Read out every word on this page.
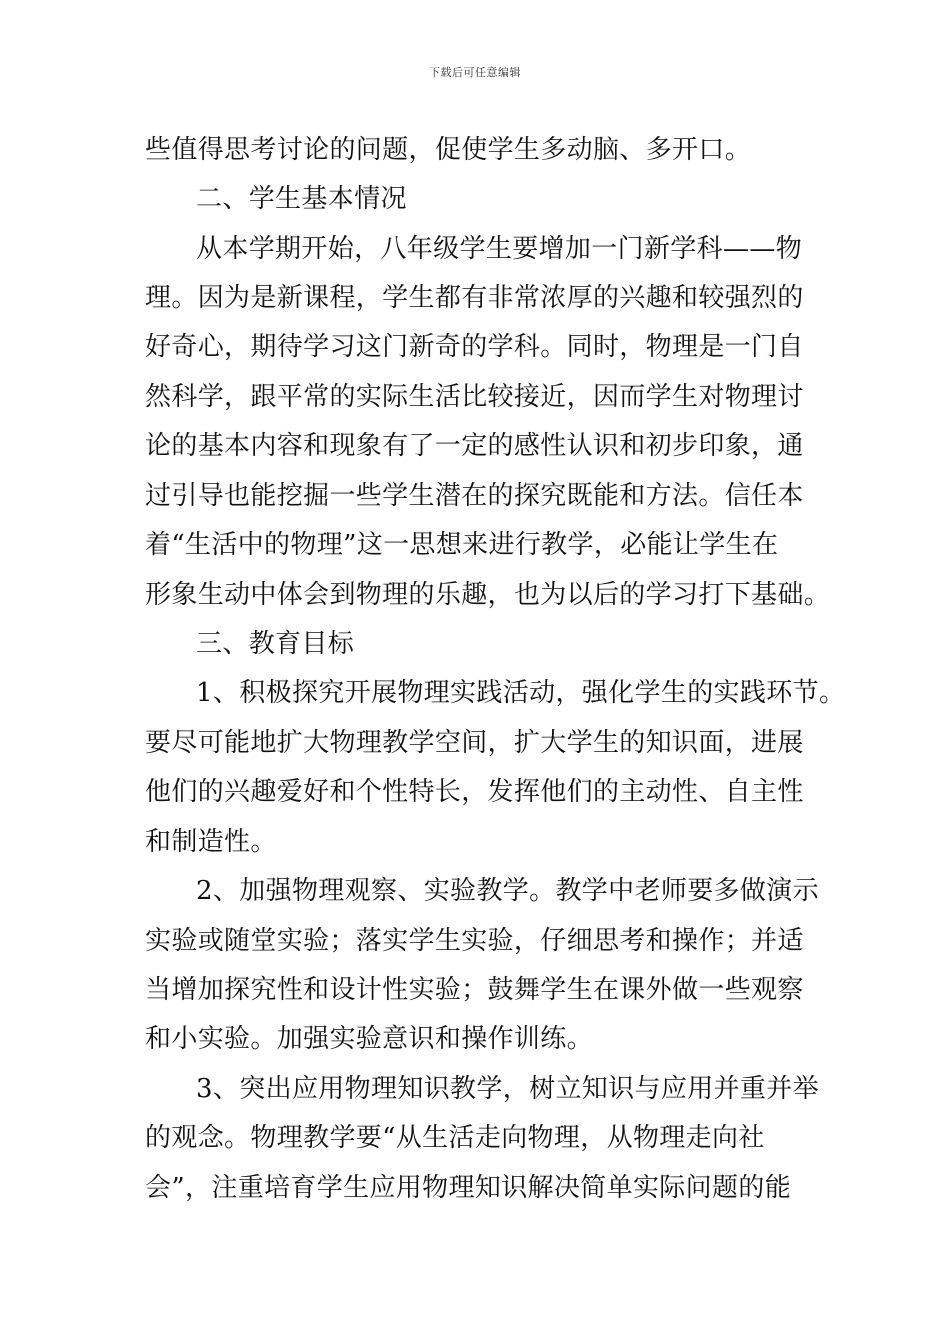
下载后可任意编辑
些值得思考讨论的问题，促使学生多动脑、多开口。
二、学生基本情况
从本学期开始，八年级学生要增加一门新学科——物
理。因为是新课程，学生都有非常浓厚的兴趣和较强烈的
好奇心，期待学习这门新奇的学科。同时，物理是一门自
然科学，跟平常的实际生活比较接近，因而学生对物理讨
论的基本内容和现象有了一定的感性认识和初步印象，通
过引导也能挖掘一些学生潜在的探究既能和方法。信任本
着“生活中的物理”这一思想来进行教学，必能让学生在
形象生动中体会到物理的乐趣，也为以后的学习打下基础。
三、教育目标
1、积极探究开展物理实践活动，强化学生的实践环节。
要尽可能地扩大物理教学空间，扩大学生的知识面，进展
他们的兴趣爱好和个性特长，发挥他们的主动性、自主性
和制造性。
2、加强物理观察、实验教学。教学中老师要多做演示
实验或随堂实验；落实学生实验，仔细思考和操作；并适
当增加探究性和设计性实验；鼓舞学生在课外做一些观察
和小实验。加强实验意识和操作训练。
3、突出应用物理知识教学，树立知识与应用并重并举
的观念。物理教学要“从生活走向物理，从物理走向社
会”，注重培育学生应用物理知识解决简单实际问题的能
